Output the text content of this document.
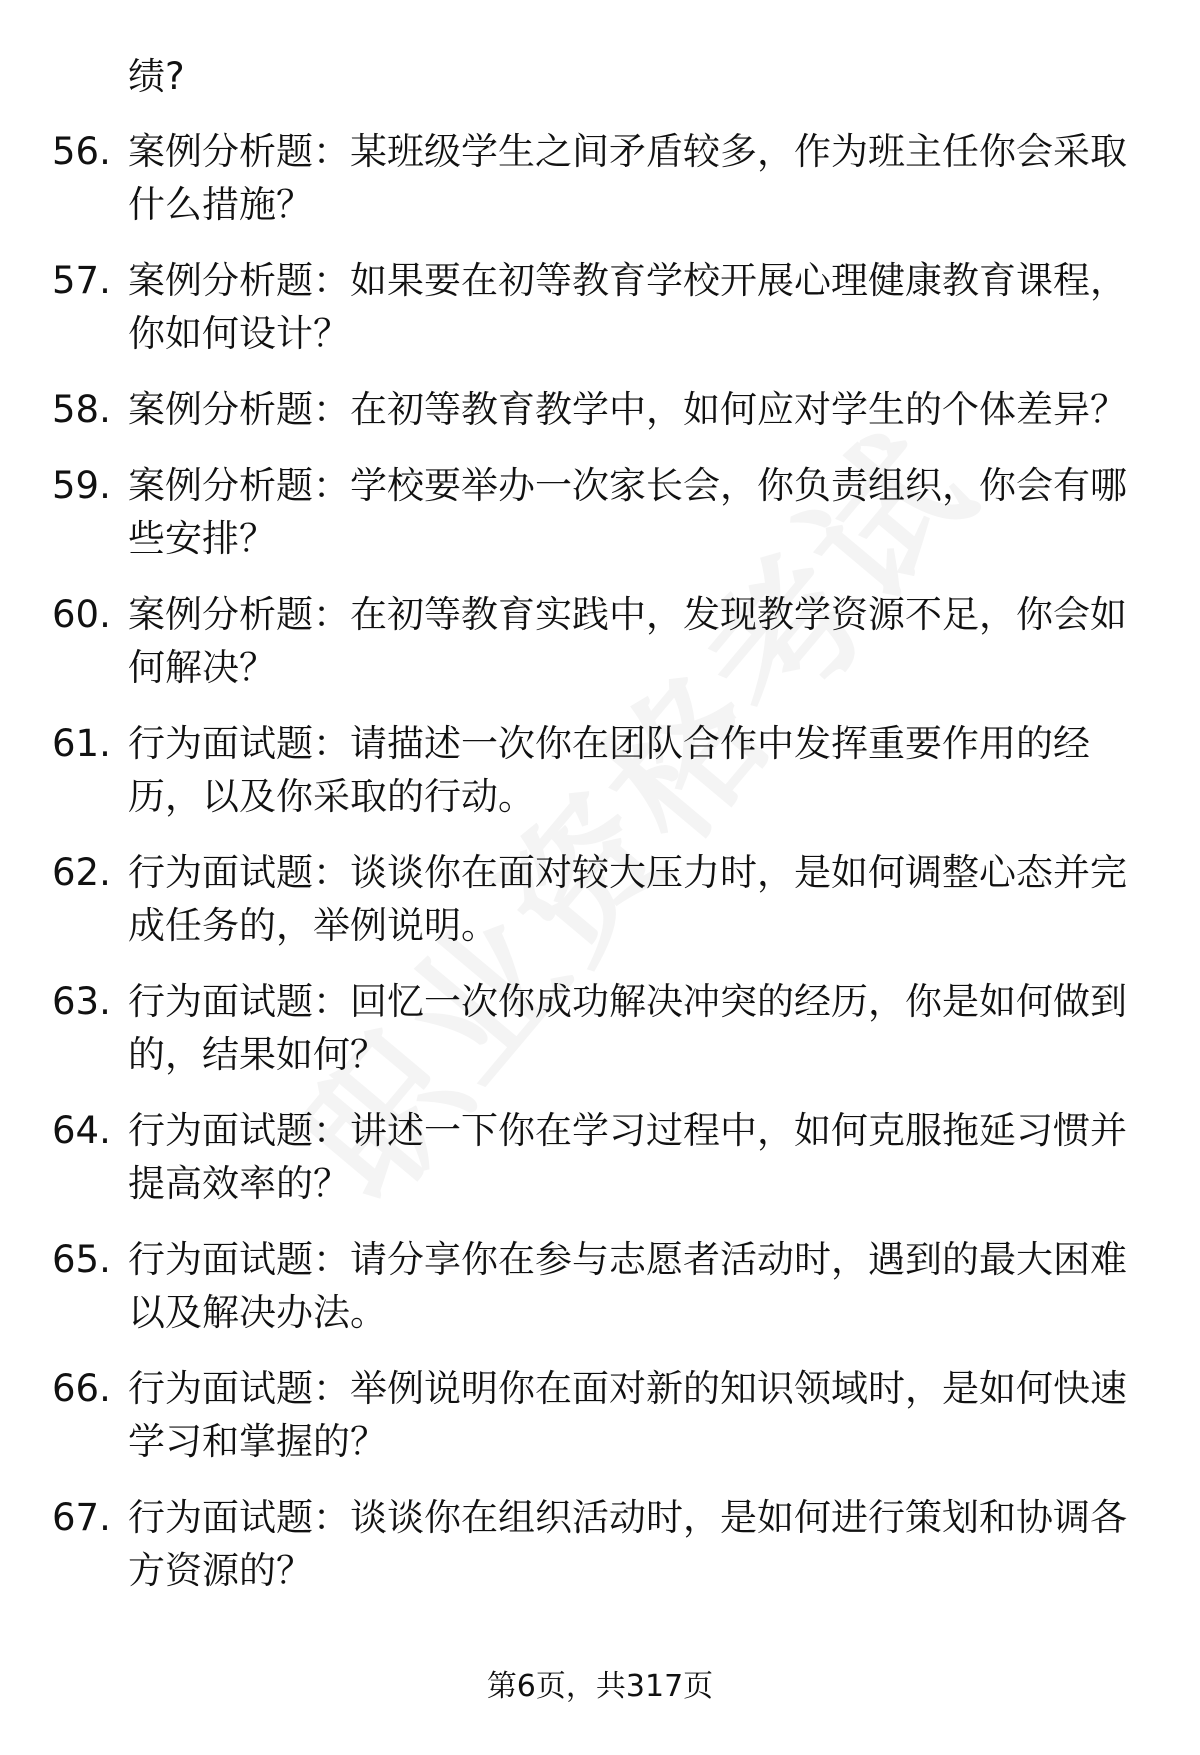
绩?
56. 案例分析题：某班级学生之间矛盾较多，作为班主任你会采取什么措施？
57. 案例分析题：如果要在初等教育学校开展心理健康教育课程，你如何设计？
58. 案例分析题：在初等教育教学中，如何应对学生的个体差异？
59. 案例分析题：学校要举办一次家长会，你负责组织，你会有哪些安排？
60. 案例分析题：在初等教育实践中，发现教学资源不足，你会如何解决？
61. 行为面试题：请描述一次你在团队合作中发挥重要作用的经历，以及你采取的行动。
62. 行为面试题：谈谈你在面对较大压力时，是如何调整心态并完成任务的，举例说明。
63. 行为面试题：回忆一次你成功解决冲突的经历，你是如何做到的，结果如何？
64. 行为面试题：讲述一下你在学习过程中，如何克服拖延习惯并提高效率的？
65. 行为面试题：请分享你在参与志愿者活动时，遇到的最大困难以及解决办法。
66. 行为面试题：举例说明你在面对新的知识领域时，是如何快速学习和掌握的？
67. 行为面试题：谈谈你在组织活动时，是如何进行策划和协调各方资源的？
第6页，共317页
